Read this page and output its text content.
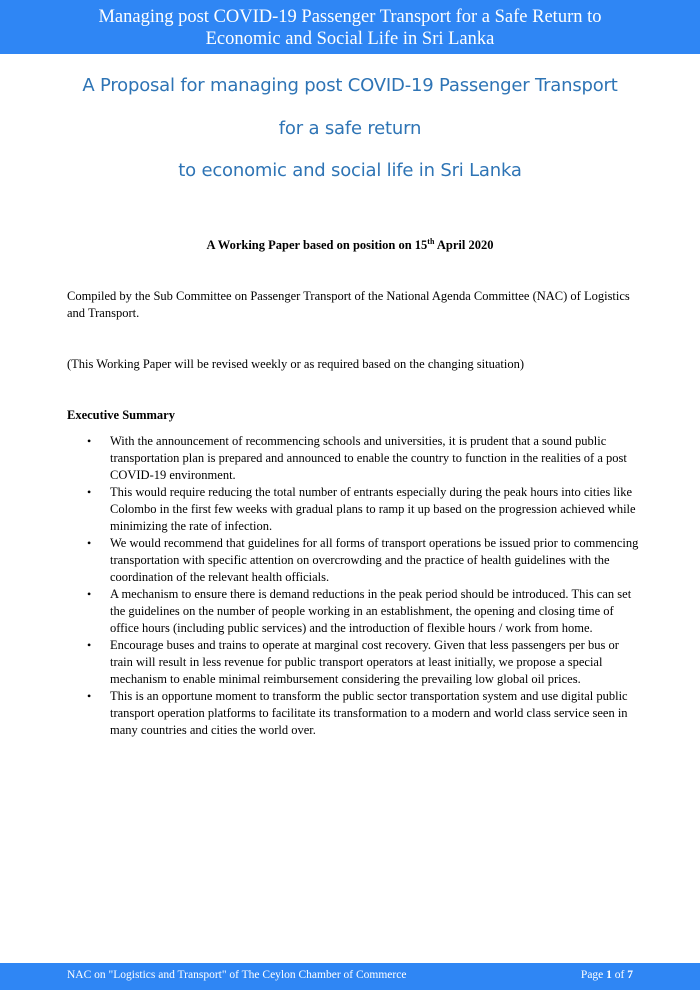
Managing post COVID-19 Passenger Transport for a Safe Return to
Economic and Social Life in Sri Lanka
A Proposal for managing post COVID-19 Passenger Transport
for a safe return
to economic and social life in Sri Lanka
A Working Paper based on position on 15th April 2020
Compiled by the Sub Committee on Passenger Transport of the National Agenda Committee (NAC) of Logistics and Transport.
(This Working Paper will be revised weekly or as required based on the changing situation)
Executive Summary
• With the announcement of recommencing schools and universities, it is prudent that a sound public transportation plan is prepared and announced to enable the country to function in the realities of a post COVID-19 environment.
• This would require reducing the total number of entrants especially during the peak hours into cities like Colombo in the first few weeks with gradual plans to ramp it up based on the progression achieved while minimizing the rate of infection.
• We would recommend that guidelines for all forms of transport operations be issued prior to commencing transportation with specific attention on overcrowding and the practice of health guidelines with the coordination of the relevant health officials.
• A mechanism to ensure there is demand reductions in the peak period should be introduced. This can set the guidelines on the number of people working in an establishment, the opening and closing time of office hours (including public services) and the introduction of flexible hours / work from home.
• Encourage buses and trains to operate at marginal cost recovery. Given that less passengers per bus or train will result in less revenue for public transport operators at least initially, we propose a special mechanism to enable minimal reimbursement considering the prevailing low global oil prices.
• This is an opportune moment to transform the public sector transportation system and use digital public transport operation platforms to facilitate its transformation to a modern and world class service seen in many countries and cities the world over.
NAC on "Logistics and Transport" of The Ceylon Chamber of Commerce	Page 1 of 7
